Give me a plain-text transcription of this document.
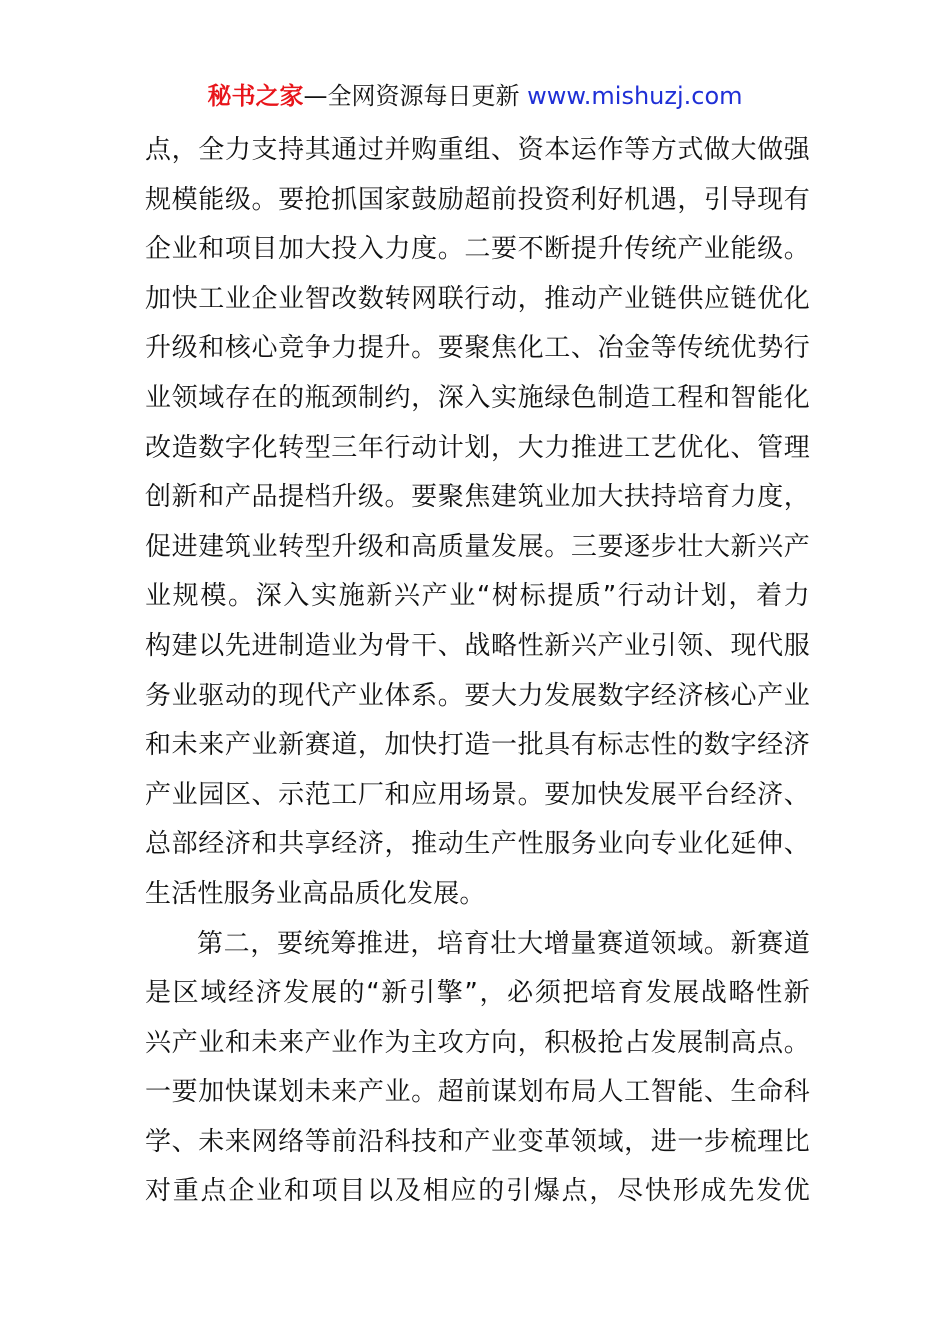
秘书之家—全网资源每日更新 www.mishuzj.com
点，全力支持其通过并购重组、资本运作等方式做大做强
规模能级。要抢抓国家鼓励超前投资利好机遇，引导现有
企业和项目加大投入力度。二要不断提升传统产业能级。
加快工业企业智改数转网联行动，推动产业链供应链优化
升级和核心竞争力提升。要聚焦化工、冶金等传统优势行
业领域存在的瓶颈制约，深入实施绿色制造工程和智能化
改造数字化转型三年行动计划，大力推进工艺优化、管理
创新和产品提档升级。要聚焦建筑业加大扶持培育力度，
促进建筑业转型升级和高质量发展。三要逐步壮大新兴产
业规模。深入实施新兴产业“树标提质”行动计划，着力
构建以先进制造业为骨干、战略性新兴产业引领、现代服
务业驱动的现代产业体系。要大力发展数字经济核心产业
和未来产业新赛道，加快打造一批具有标志性的数字经济
产业园区、示范工厂和应用场景。要加快发展平台经济、
总部经济和共享经济，推动生产性服务业向专业化延伸、
生活性服务业高品质化发展。
第二，要统筹推进，培育壮大增量赛道领域。新赛道
是区域经济发展的“新引擎”，必须把培育发展战略性新
兴产业和未来产业作为主攻方向，积极抢占发展制高点。
一要加快谋划未来产业。超前谋划布局人工智能、生命科
学、未来网络等前沿科技和产业变革领域，进一步梳理比
对重点企业和项目以及相应的引爆点，尽快形成先发优
